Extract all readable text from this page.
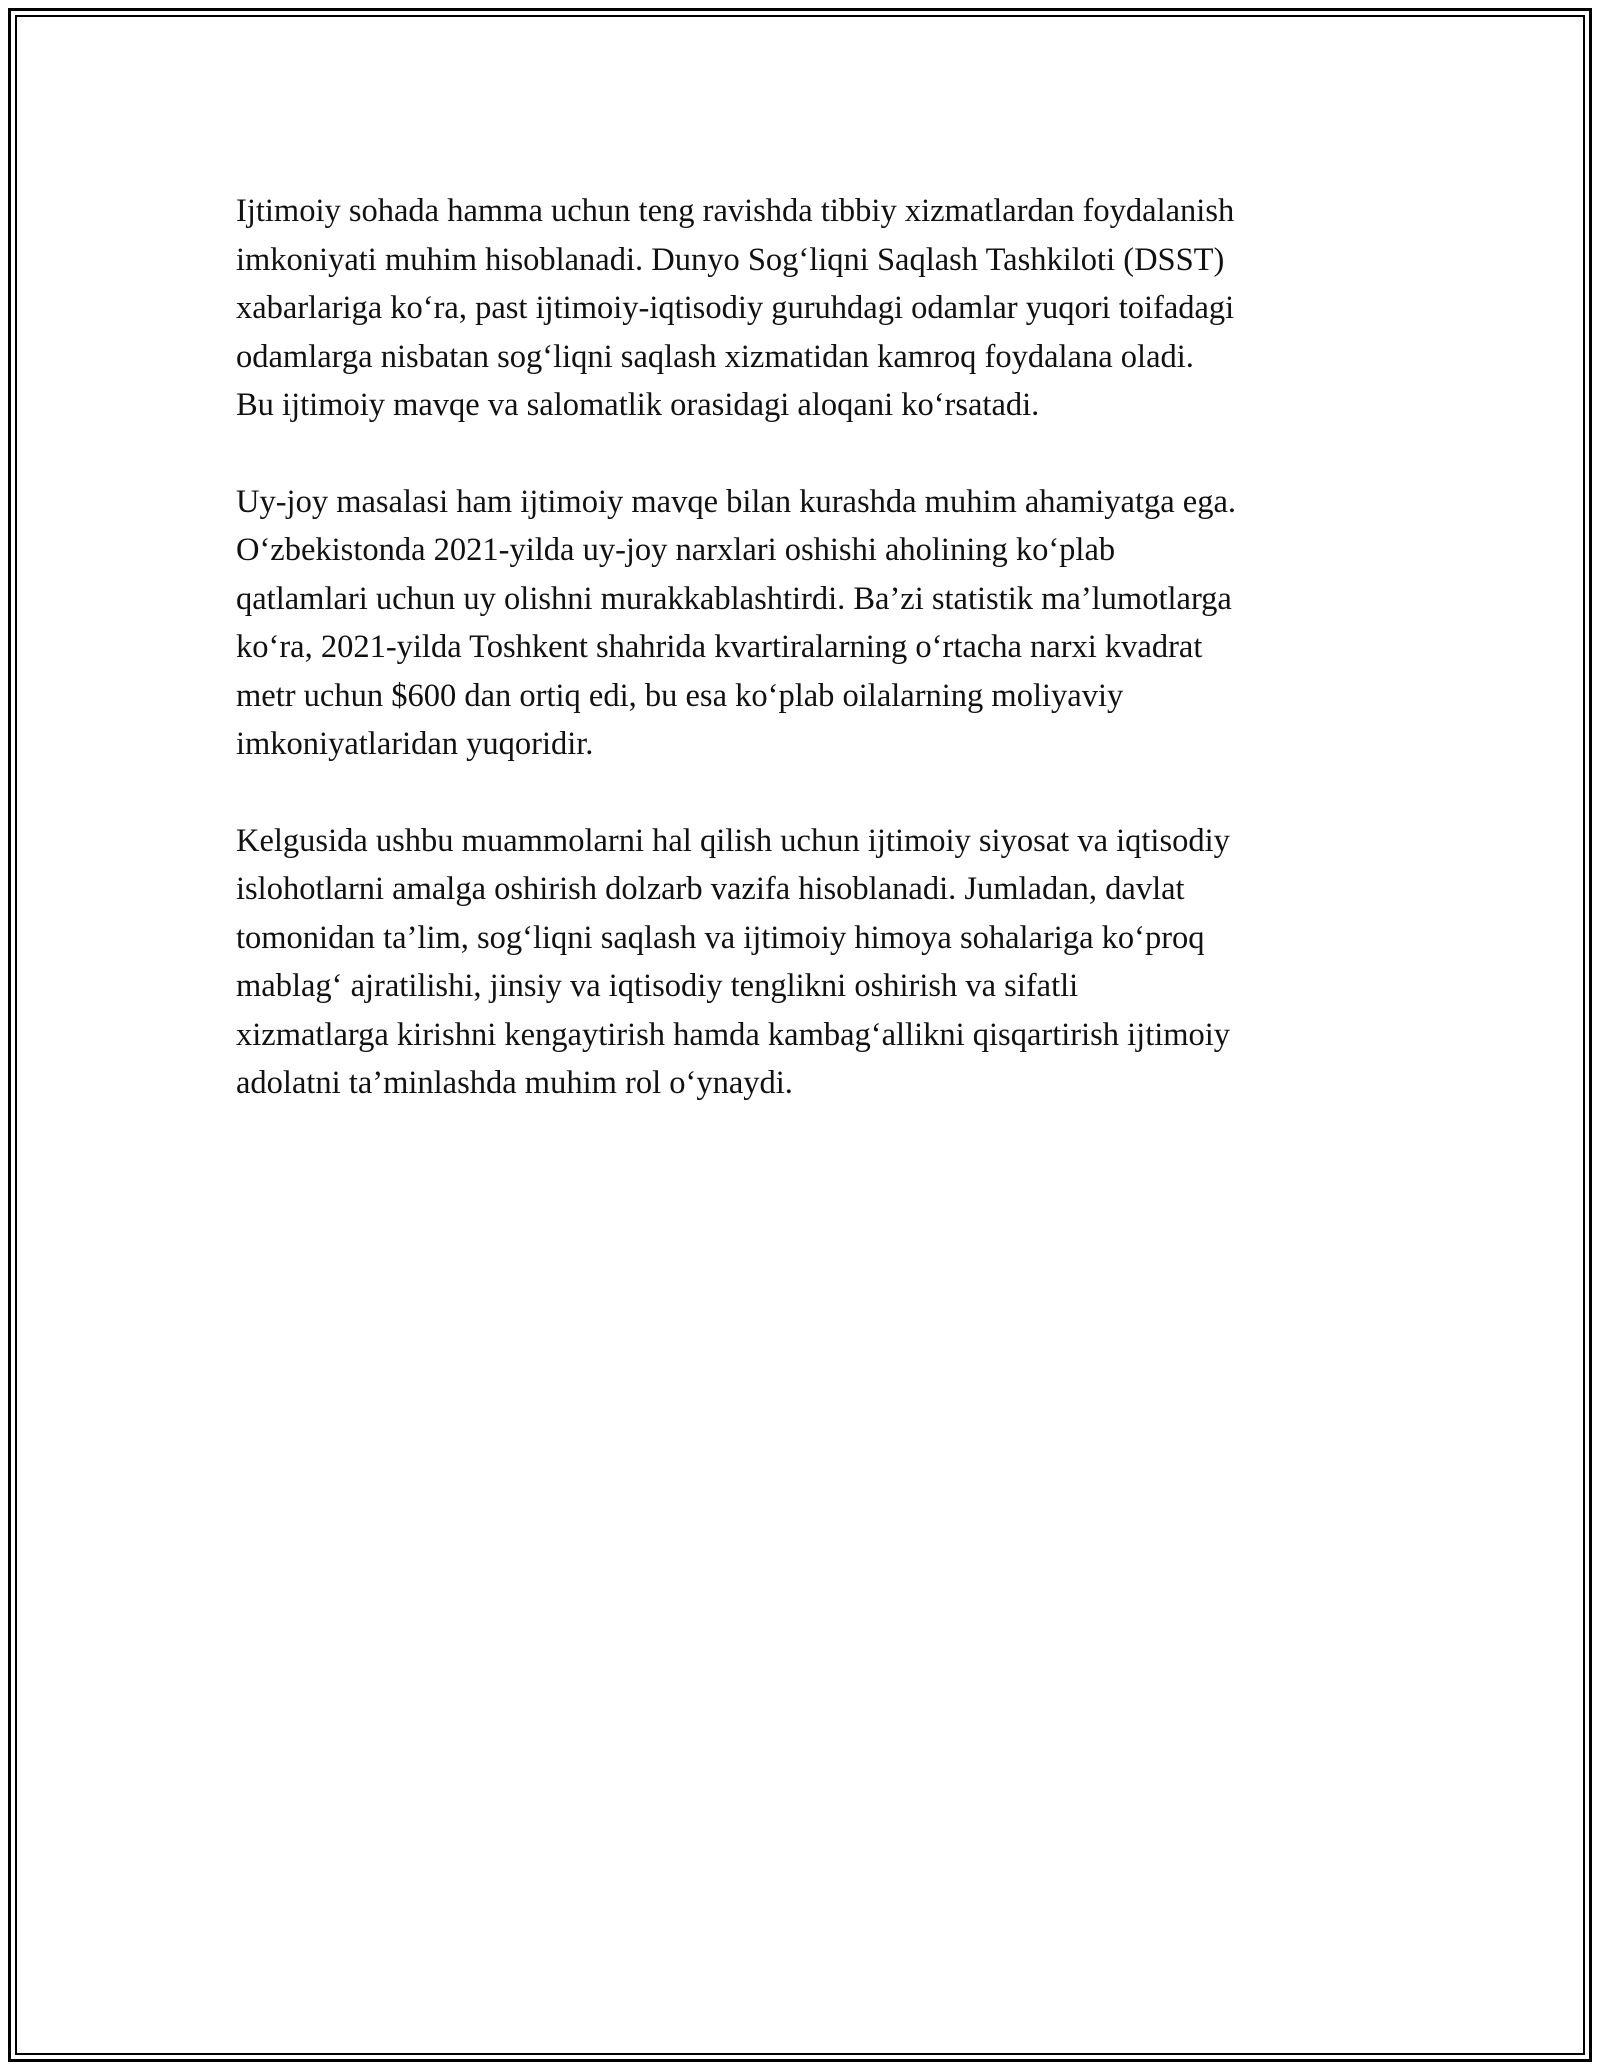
Ijtimoiy sohada hamma uchun teng ravishda tibbiy xizmatlardan foydalanish
imkoniyati muhim hisoblanadi. Dunyo Sog‘liqni Saqlash Tashkiloti (DSST)
xabarlariga ko‘ra, past ijtimoiy-iqtisodiy guruhdagi odamlar yuqori toifadagi
odamlarga nisbatan sog‘liqni saqlash xizmatidan kamroq foydalana oladi.
Bu ijtimoiy mavqe va salomatlik orasidagi aloqani ko‘rsatadi.

Uy-joy masalasi ham ijtimoiy mavqe bilan kurashda muhim ahamiyatga ega.
O‘zbekistonda 2021-yilda uy-joy narxlari oshishi aholining ko‘plab
qatlamlari uchun uy olishni murakkablashtirdi. Ba’zi statistik ma’lumotlarga
ko‘ra, 2021-yilda Toshkent shahrida kvartiralarning o‘rtacha narxi kvadrat
metr uchun $600 dan ortiq edi, bu esa ko‘plab oilalarning moliyaviy
imkoniyatlaridan yuqoridir.

Kelgusida ushbu muammolarni hal qilish uchun ijtimoiy siyosat va iqtisodiy
islohotlarni amalga oshirish dolzarb vazifa hisoblanadi. Jumladan, davlat
tomonidan ta’lim, sog‘liqni saqlash va ijtimoiy himoya sohalariga ko‘proq
mablag‘ ajratilishi, jinsiy va iqtisodiy tenglikni oshirish va sifatli
xizmatlarga kirishni kengaytirish hamda kambag‘allikni qisqartirish ijtimoiy
adolatni ta’minlashda muhim rol o‘ynaydi.
